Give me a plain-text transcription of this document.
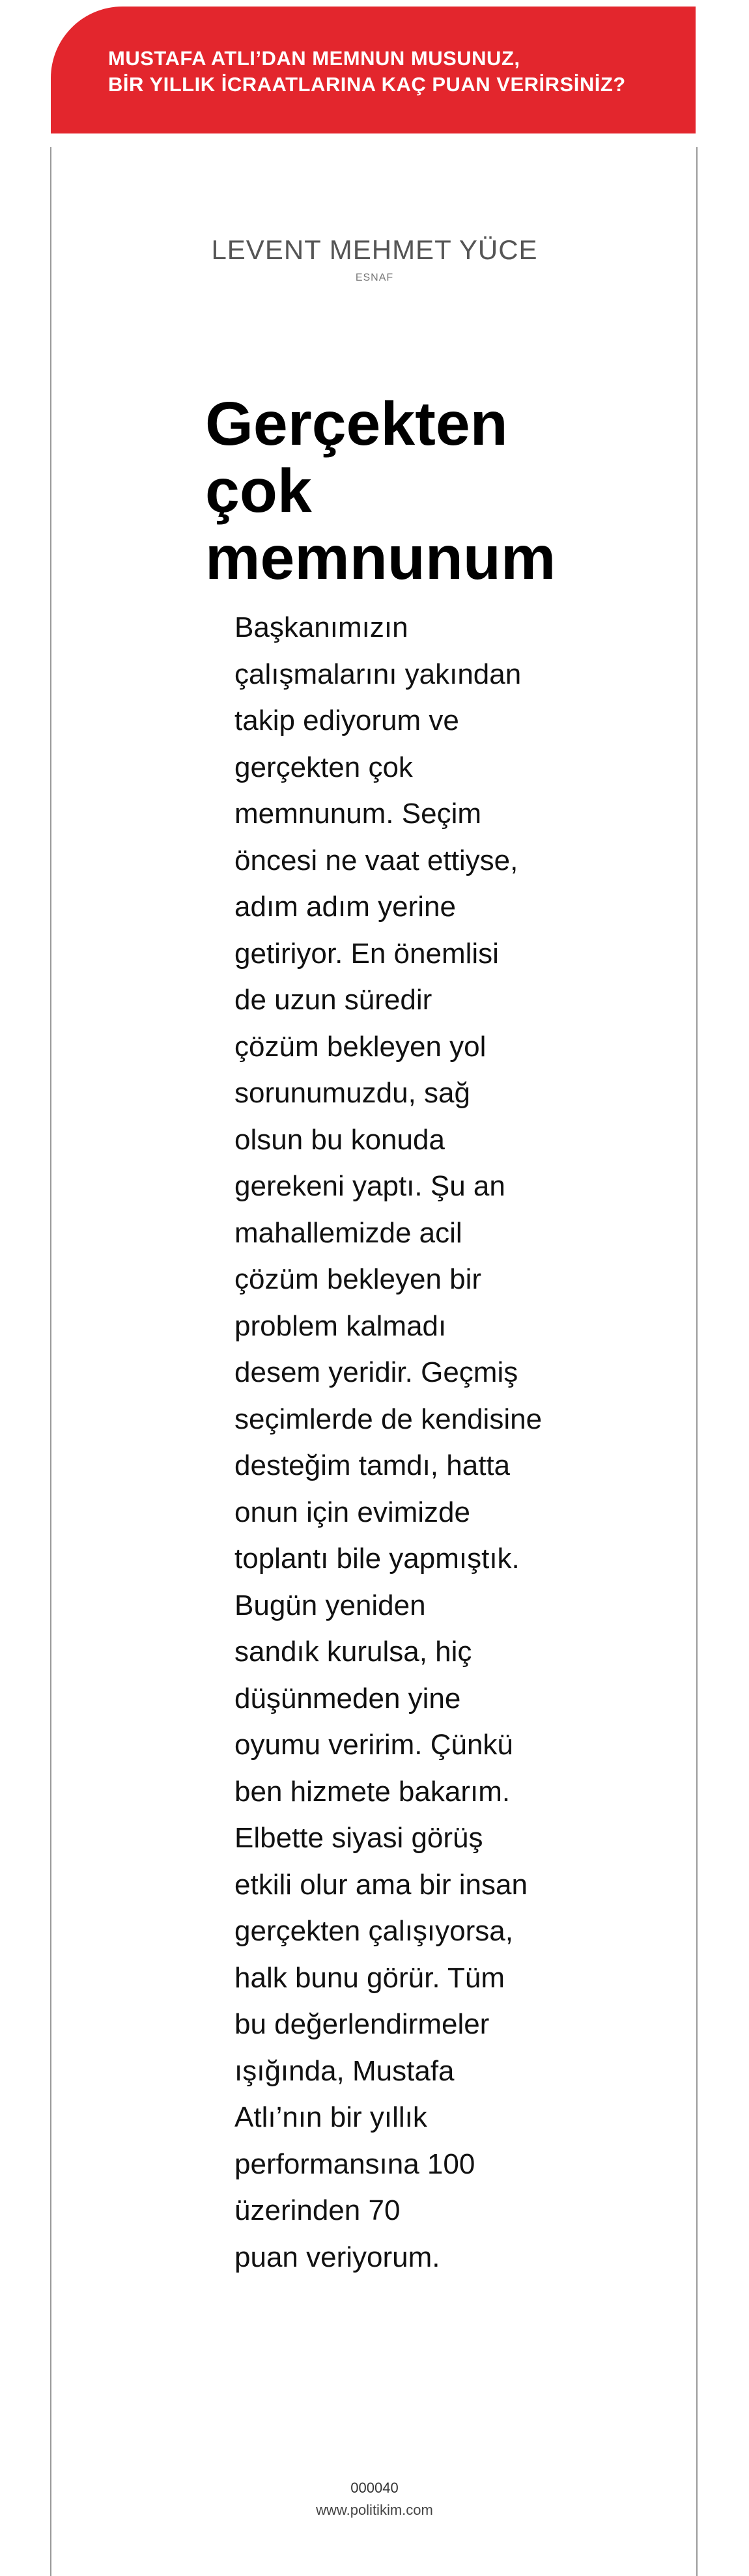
MUSTAFA ATLI’DAN MEMNUN MUSUNUZ,
BİR YILLIK İCRAATLARINA KAÇ PUAN VERİRSİNİZ?
LEVENT MEHMET YÜCE
ESNAF
Gerçekten
çok
memnunum
Başkanımızın
çalışmalarını yakından
takip ediyorum ve
gerçekten çok
memnunum. Seçim
öncesi ne vaat ettiyse,
adım adım yerine
getiriyor. En önemlisi
de uzun süredir
çözüm bekleyen yol
sorunumuzdu, sağ
olsun bu konuda
gerekeni yaptı. Şu an
mahallemizde acil
çözüm bekleyen bir
problem kalmadı
desem yeridir. Geçmiş
seçimlerde de kendisine
desteğim tamdı, hatta
onun için evimizde
toplantı bile yapmıştık.
Bugün yeniden
sandık kurulsa, hiç
düşünmeden yine
oyumu veririm. Çünkü
ben hizmete bakarım.
Elbette siyasi görüş
etkili olur ama bir insan
gerçekten çalışıyorsa,
halk bunu görür. Tüm
bu değerlendirmeler
ışığında, Mustafa
Atlı’nın bir yıllık
performansına 100
üzerinden 70
puan veriyorum.
000040
www.politikim.com
